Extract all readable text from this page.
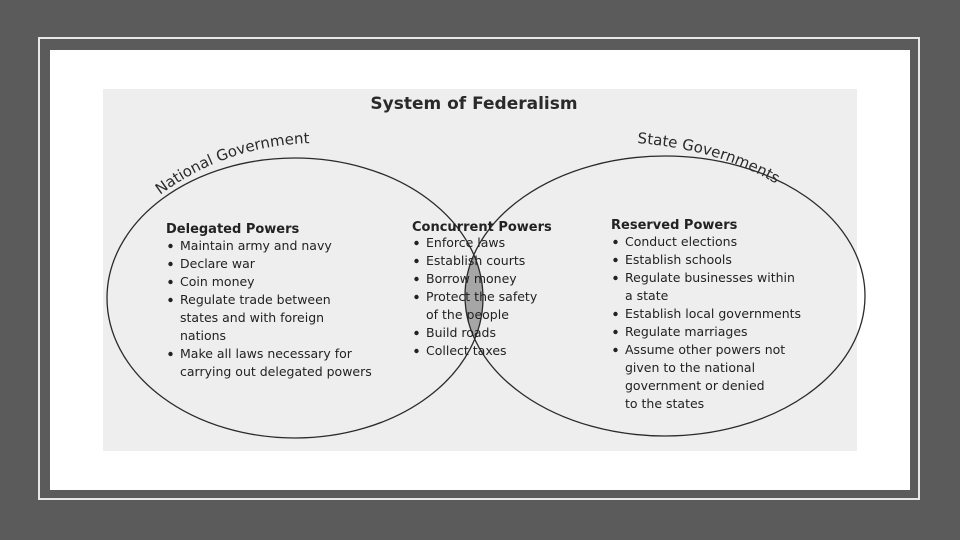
System of Federalism
National Government	State Governments
Delegated Powers	Concurrent Powers	Reserved Powers
Maintain army and navy
Declare war
Coin money
Regulate trade between
states and with foreign
nations
Make all laws necessary for
carrying out delegated powers
Enforce laws
Establish courts
Borrow money
Protect the safety
of the people
Build roads
Collect taxes
Conduct elections
Establish schools
Regulate businesses within
a state
Establish local governments
Regulate marriages
Assume other powers not
given to the national
government or denied
to the states
